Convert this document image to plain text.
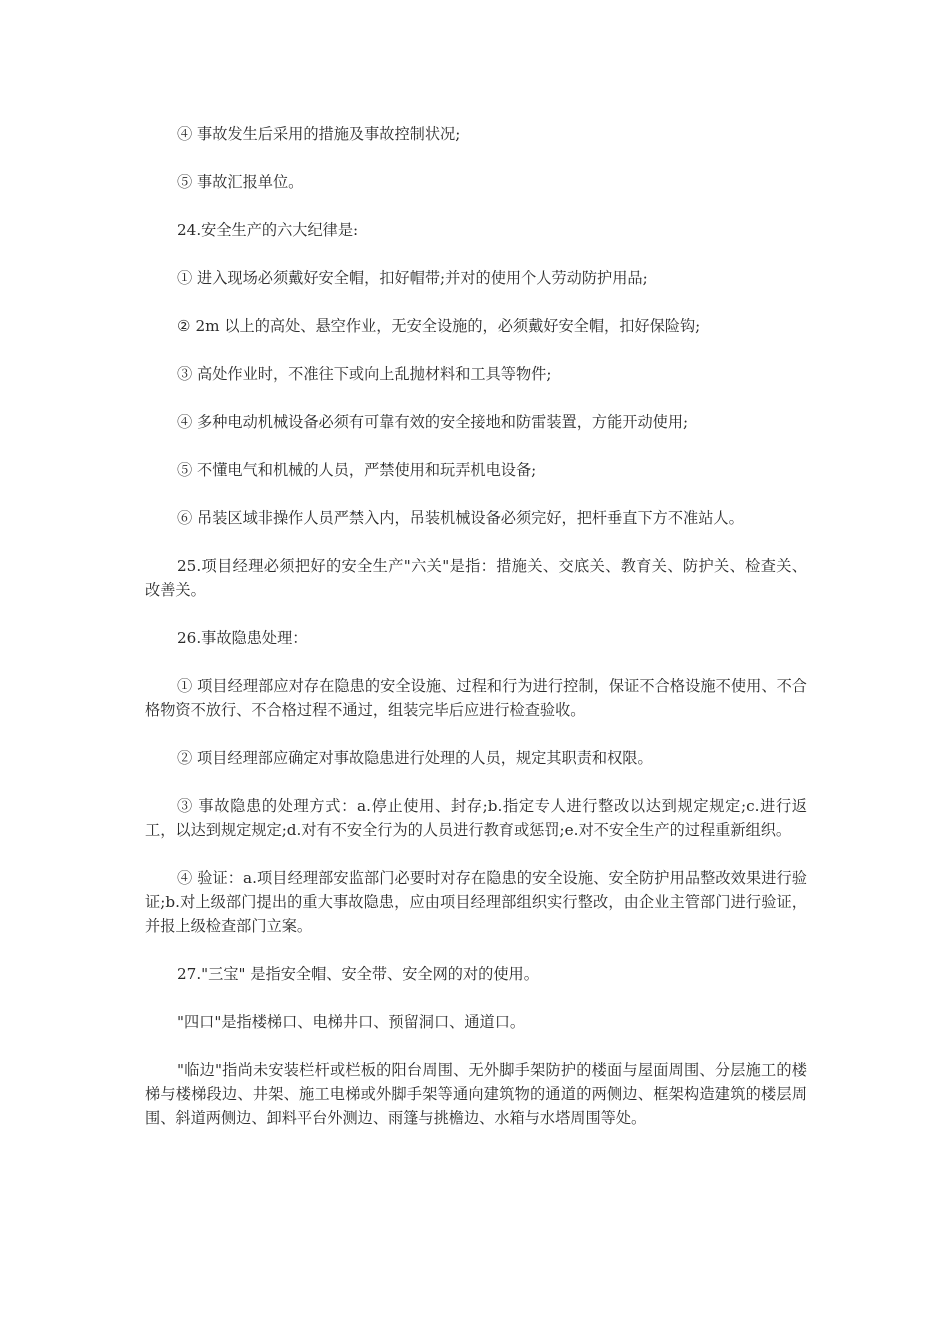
④ 事故发生后采用的措施及事故控制状况;

⑤ 事故汇报单位。

24.安全生产的六大纪律是:

① 进入现场必须戴好安全帽，扣好帽带;并对的使用个人劳动防护用品;

② 2m 以上的高处、悬空作业，无安全设施的，必须戴好安全帽，扣好保险钩;

③ 高处作业时，不准往下或向上乱抛材料和工具等物件;

④ 多种电动机械设备必须有可靠有效的安全接地和防雷装置，方能开动使用;

⑤ 不懂电气和机械的人员，严禁使用和玩弄机电设备;

⑥ 吊装区域非操作人员严禁入内，吊装机械设备必须完好，把杆垂直下方不准站人。

25.项目经理必须把好的安全生产"六关"是指：措施关、交底关、教育关、防护关、检查关、改善关。

26.事故隐患处理：

① 项目经理部应对存在隐患的安全设施、过程和行为进行控制，保证不合格设施不使用、不合格物资不放行、不合格过程不通过，组装完毕后应进行检查验收。

② 项目经理部应确定对事故隐患进行处理的人员，规定其职责和权限。

③ 事故隐患的处理方式：a.停止使用、封存;b.指定专人进行整改以达到规定规定;c.进行返工，以达到规定规定;d.对有不安全行为的人员进行教育或惩罚;e.对不安全生产的过程重新组织。

④ 验证：a.项目经理部安监部门必要时对存在隐患的安全设施、安全防护用品整改效果进行验证;b.对上级部门提出的重大事故隐患，应由项目经理部组织实行整改，由企业主管部门进行验证，并报上级检查部门立案。

27."三宝" 是指安全帽、安全带、安全网的对的使用。

"四口"是指楼梯口、电梯井口、预留洞口、通道口。

"临边"指尚未安装栏杆或栏板的阳台周围、无外脚手架防护的楼面与屋面周围、分层施工的楼梯与楼梯段边、井架、施工电梯或外脚手架等通向建筑物的通道的两侧边、框架构造建筑的楼层周围、斜道两侧边、卸料平台外测边、雨篷与挑檐边、水箱与水塔周围等处。
